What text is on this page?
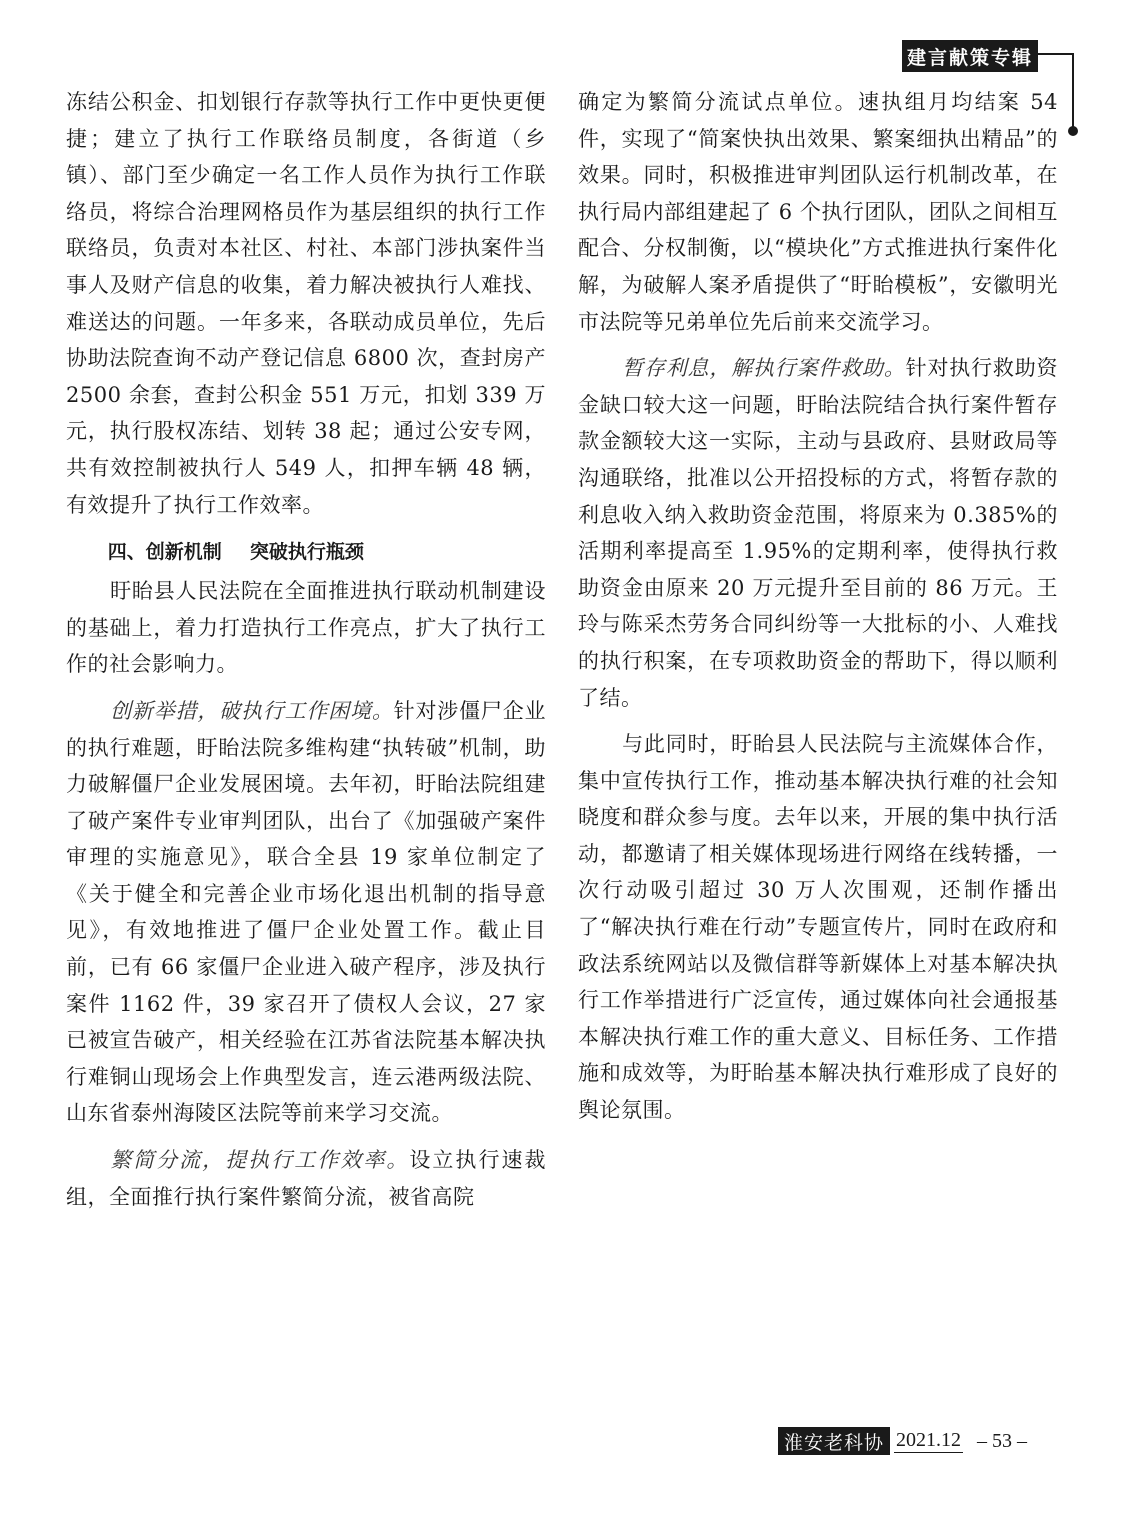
建言献策专辑

冻结公积金、扣划银行存款等执行工作中更快更便捷；建立了执行工作联络员制度，各街道（乡镇）、部门至少确定一名工作人员作为执行工作联络员，将综合治理网格员作为基层组织的执行工作联络员，负责对本社区、村社、本部门涉执案件当事人及财产信息的收集，着力解决被执行人难找、难送达的问题。一年多来，各联动成员单位，先后协助法院查询不动产登记信息 6800 次，查封房产 2500 余套，查封公积金 551 万元，扣划 339 万元，执行股权冻结、划转 38 起；通过公安专网，共有效控制被执行人 549 人，扣押车辆 48 辆，有效提升了执行工作效率。

四、创新机制 突破执行瓶颈

盱眙县人民法院在全面推进执行联动机制建设的基础上，着力打造执行工作亮点，扩大了执行工作的社会影响力。

创新举措，破执行工作困境。针对涉僵尸企业的执行难题，盱眙法院多维构建“执转破”机制，助力破解僵尸企业发展困境。去年初，盱眙法院组建了破产案件专业审判团队，出台了《加强破产案件审理的实施意见》，联合全县 19 家单位制定了《关于健全和完善企业市场化退出机制的指导意见》，有效地推进了僵尸企业处置工作。截止目前，已有 66 家僵尸企业进入破产程序，涉及执行案件 1162 件，39 家召开了债权人会议，27 家已被宣告破产，相关经验在江苏省法院基本解决执行难铜山现场会上作典型发言，连云港两级法院、山东省泰州海陵区法院等前来学习交流。

繁简分流，提执行工作效率。设立执行速裁组，全面推行执行案件繁简分流，被省高院

确定为繁简分流试点单位。速执组月均结案 54 件，实现了“简案快执出效果、繁案细执出精品”的效果。同时，积极推进审判团队运行机制改革，在执行局内部组建起了 6 个执行团队，团队之间相互配合、分权制衡，以“模块化”方式推进执行案件化解，为破解人案矛盾提供了“盱眙模板”，安徽明光市法院等兄弟单位先后前来交流学习。

暂存利息，解执行案件救助。针对执行救助资金缺口较大这一问题，盱眙法院结合执行案件暂存款金额较大这一实际，主动与县政府、县财政局等沟通联络，批准以公开招投标的方式，将暂存款的利息收入纳入救助资金范围，将原来为 0.385%的活期利率提高至 1.95%的定期利率，使得执行救助资金由原来 20 万元提升至目前的 86 万元。王玲与陈采杰劳务合同纠纷等一大批标的小、人难找的执行积案，在专项救助资金的帮助下，得以顺利了结。

与此同时，盱眙县人民法院与主流媒体合作，集中宣传执行工作，推动基本解决执行难的社会知晓度和群众参与度。去年以来，开展的集中执行活动，都邀请了相关媒体现场进行网络在线转播，一次行动吸引超过 30 万人次围观，还制作播出了“解决执行难在行动”专题宣传片，同时在政府和政法系统网站以及微信群等新媒体上对基本解决执行工作举措进行广泛宣传，通过媒体向社会通报基本解决执行难工作的重大意义、目标任务、工作措施和成效等，为盱眙基本解决执行难形成了良好的舆论氛围。

淮安老科协 2021.12 – 53 –
